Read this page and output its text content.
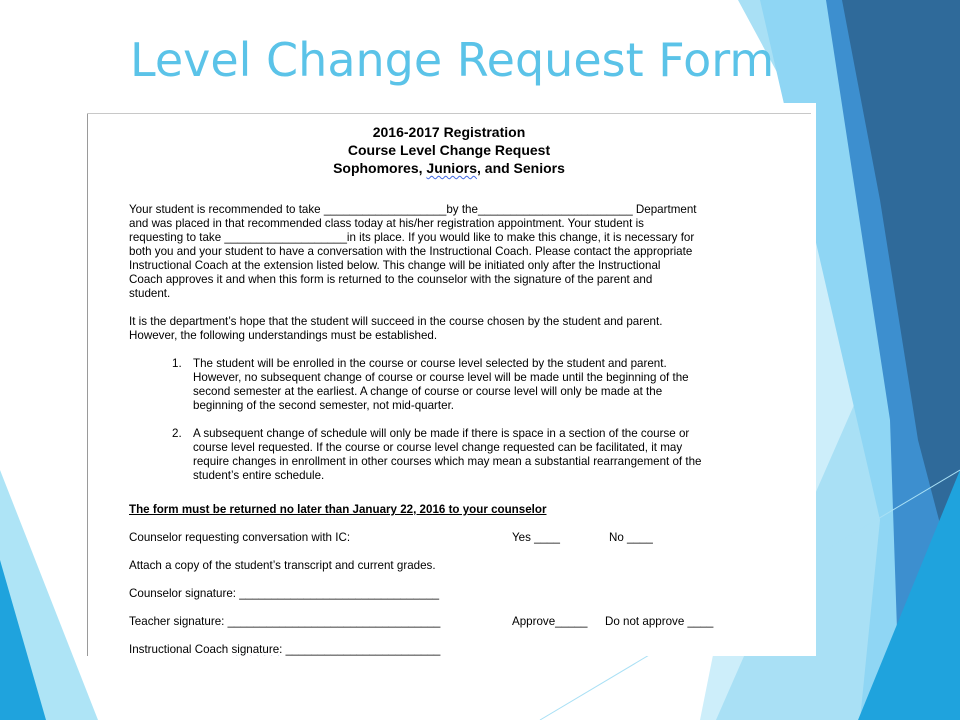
Level Change Request Form
2016-2017 Registration
Course Level Change Request
Sophomores, Juniors, and Seniors
Your student is recommended to take ___________________by the________________________ Department
and was placed in that recommended class today at his/her registration appointment. Your student is
requesting to take ___________________in its place. If you would like to make this change, it is necessary for
both you and your student to have a conversation with the Instructional Coach. Please contact the appropriate
Instructional Coach at the extension listed below. This change will be initiated only after the Instructional
Coach approves it and when this form is returned to the counselor with the signature of the parent and
student.
It is the department’s hope that the student will succeed in the course chosen by the student and parent.
However, the following understandings must be established.
1. The student will be enrolled in the course or course level selected by the student and parent.
However, no subsequent change of course or course level will be made until the beginning of the
second semester at the earliest. A change of course or course level will only be made at the
beginning of the second semester, not mid-quarter.
2. A subsequent change of schedule will only be made if there is space in a section of the course or
course level requested. If the course or course level change requested can be facilitated, it may
require changes in enrollment in other courses which may mean a substantial rearrangement of the
student’s entire schedule.
The form must be returned no later than January 22, 2016 to your counselor
Counselor requesting conversation with IC:	Yes ____	No ____
Attach a copy of the student’s transcript and current grades.
Counselor signature: _______________________________
Teacher signature: _________________________________	Approve_____ Do not approve ____
Instructional Coach signature: ________________________
